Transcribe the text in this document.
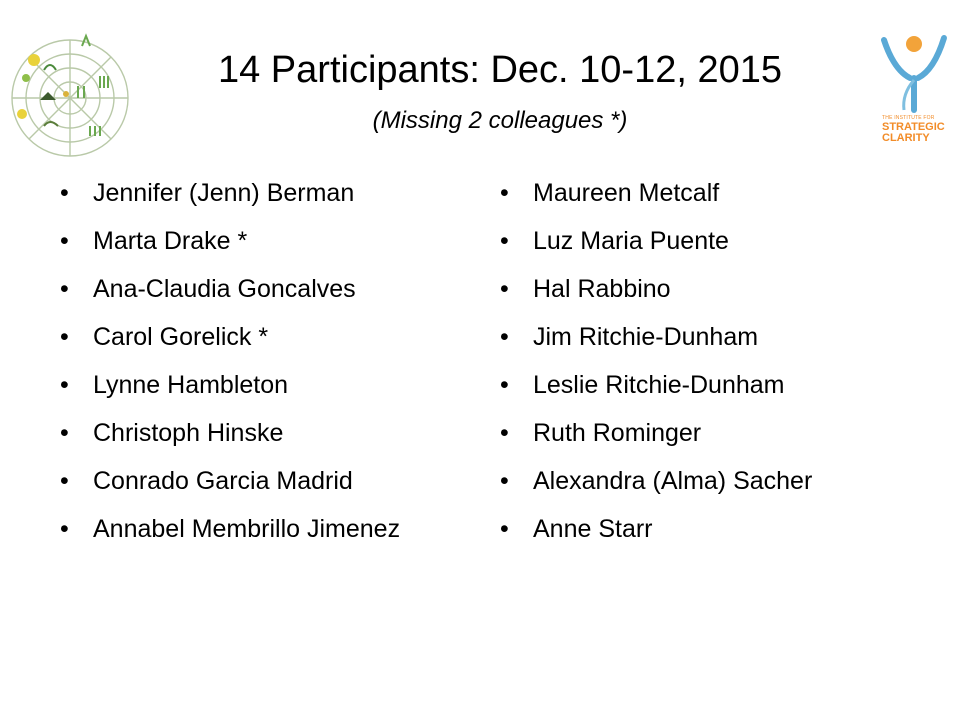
THE INSTITUTE FOR
STRATEGIC
CLARITY
14 Participants: Dec. 10-12, 2015
(Missing 2 colleagues *)
• Jennifer (Jenn) Berman
• Marta Drake *
• Ana-Claudia Goncalves
• Carol Gorelick *
• Lynne Hambleton
• Christoph Hinske
• Conrado Garcia Madrid
• Annabel Membrillo Jimenez
• Maureen Metcalf
• Luz Maria Puente
• Hal Rabbino
• Jim Ritchie-Dunham
• Leslie Ritchie-Dunham
• Ruth Rominger
• Alexandra (Alma) Sacher
• Anne Starr
